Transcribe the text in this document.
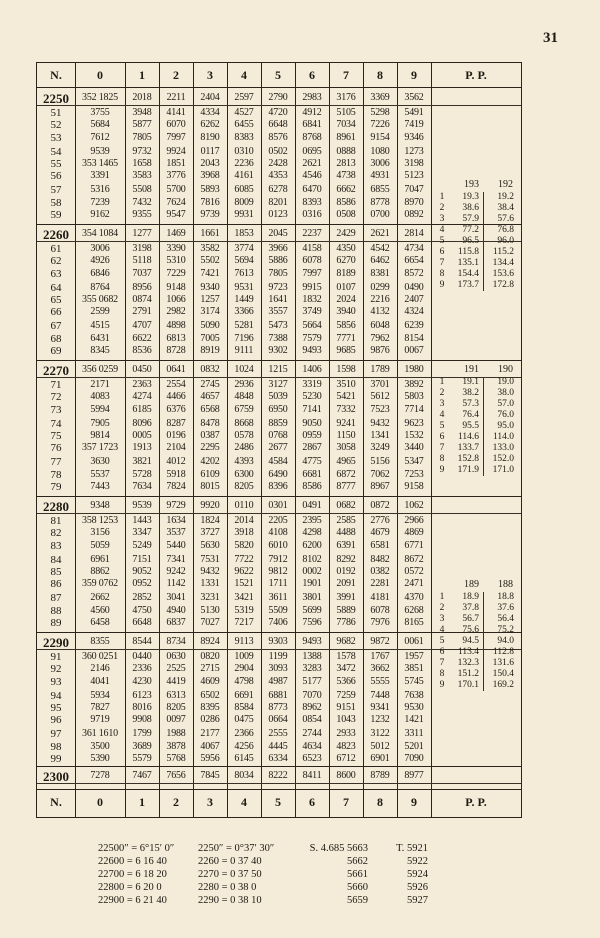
31
N.	0	1	2	3	4	5	6	7	8	9	P. P.
2250	352 1825	2018	2211	2404	2597	2790	2983	3176	3369	3562
51	3755	3948	4141	4334	4527	4720	4912	5105	5298	5491
52	5684	5877	6070	6262	6455	6648	6841	7034	7226	7419
53	7612	7805	7997	8190	8383	8576	8768	8961	9154	9346
54	9539	9732	9924	0117	0310	0502	0695	0888	1080	1273
55	353 1465	1658	1851	2043	2236	2428	2621	2813	3006	3198
56	3391	3583	3776	3968	4161	4353	4546	4738	4931	5123
57	5316	5508	5700	5893	6085	6278	6470	6662	6855	7047
58	7239	7432	7624	7816	8009	8201	8393	8586	8778	8970
59	9162	9355	9547	9739	9931	0123	0316	0508	0700	0892
2260	354 1084	1277	1469	1661	1853	2045	2237	2429	2621	2814
61	3006	3198	3390	3582	3774	3966	4158	4350	4542	4734
62	4926	5118	5310	5502	5694	5886	6078	6270	6462	6654
63	6846	7037	7229	7421	7613	7805	7997	8189	8381	8572
64	8764	8956	9148	9340	9531	9723	9915	0107	0299	0490
65	355 0682	0874	1066	1257	1449	1641	1832	2024	2216	2407
66	2599	2791	2982	3174	3366	3557	3749	3940	4132	4324
67	4515	4707	4898	5090	5281	5473	5664	5856	6048	6239
68	6431	6622	6813	7005	7196	7388	7579	7771	7962	8154
69	8345	8536	8728	8919	9111	9302	9493	9685	9876	0067
2270	356 0259	0450	0641	0832	1024	1215	1406	1598	1789	1980
71	2171	2363	2554	2745	2936	3127	3319	3510	3701	3892
72	4083	4274	4466	4657	4848	5039	5230	5421	5612	5803
73	5994	6185	6376	6568	6759	6950	7141	7332	7523	7714
74	7905	8096	8287	8478	8668	8859	9050	9241	9432	9623
75	9814	0005	0196	0387	0578	0768	0959	1150	1341	1532
76	357 1723	1913	2104	2295	2486	2677	2867	3058	3249	3440
77	3630	3821	4012	4202	4393	4584	4775	4965	5156	5347
78	5537	5728	5918	6109	6300	6490	6681	6872	7062	7253
79	7443	7634	7824	8015	8205	8396	8586	8777	8967	9158
2280	9348	9539	9729	9920	0110	0301	0491	0682	0872	1062
81	358 1253	1443	1634	1824	2014	2205	2395	2585	2776	2966
82	3156	3347	3537	3727	3918	4108	4298	4488	4679	4869
83	5059	5249	5440	5630	5820	6010	6200	6391	6581	6771
84	6961	7151	7341	7531	7722	7912	8102	8292	8482	8672
85	8862	9052	9242	9432	9622	9812	0002	0192	0382	0572
86	359 0762	0952	1142	1331	1521	1711	1901	2091	2281	2471
87	2662	2852	3041	3231	3421	3611	3801	3991	4181	4370
88	4560	4750	4940	5130	5319	5509	5699	5889	6078	6268
89	6458	6648	6837	7027	7217	7406	7596	7786	7976	8165
2290	8355	8544	8734	8924	9113	9303	9493	9682	9872	0061
91	360 0251	0440	0630	0820	1009	1199	1388	1578	1767	1957
92	2146	2336	2525	2715	2904	3093	3283	3472	3662	3851
93	4041	4230	4419	4609	4798	4987	5177	5366	5555	5745
94	5934	6123	6313	6502	6691	6881	7070	7259	7448	7638
95	7827	8016	8205	8395	8584	8773	8962	9151	9341	9530
96	9719	9908	0097	0286	0475	0664	0854	1043	1232	1421
97	361 1610	1799	1988	2177	2366	2555	2744	2933	3122	3311
98	3500	3689	3878	4067	4256	4445	4634	4823	5012	5201
99	5390	5579	5768	5956	6145	6334	6523	6712	6901	7090
2300	7278	7467	7656	7845	8034	8222	8411	8600	8789	8977
N.	0	1	2	3	4	5	6	7	8	9	P. P.
193	192
1	19.3	19.2
2	38.6	38.4
3	57.9	57.6
4	77.2	76.8
5	96.5	96.0
6	115.8	115.2
7	135.1	134.4
8	154.4	153.6
9	173.7	172.8
191	190
1	19.1	19.0
2	38.2	38.0
3	57.3	57.0
4	76.4	76.0
5	95.5	95.0
6	114.6	114.0
7	133.7	133.0
8	152.8	152.0
9	171.9	171.0
189	188
1	18.9	18.8
2	37.8	37.6
3	56.7	56.4
4	75.6	75.2
5	94.5	94.0
6	113.4	112.8
7	132.3	131.6
8	151.2	150.4
9	170.1	169.2
22500″ = 6°15′ 0″	2250″ = 0°37′ 30″	S. 4.685 5663	T. 5921
22600 = 6 16 40	2260 = 0 37 40	5662	5922
22700 = 6 18 20	2270 = 0 37 50	5661	5924
22800 = 6 20 0	2280 = 0 38 0	5660	5926
22900 = 6 21 40	2290 = 0 38 10	5659	5927
